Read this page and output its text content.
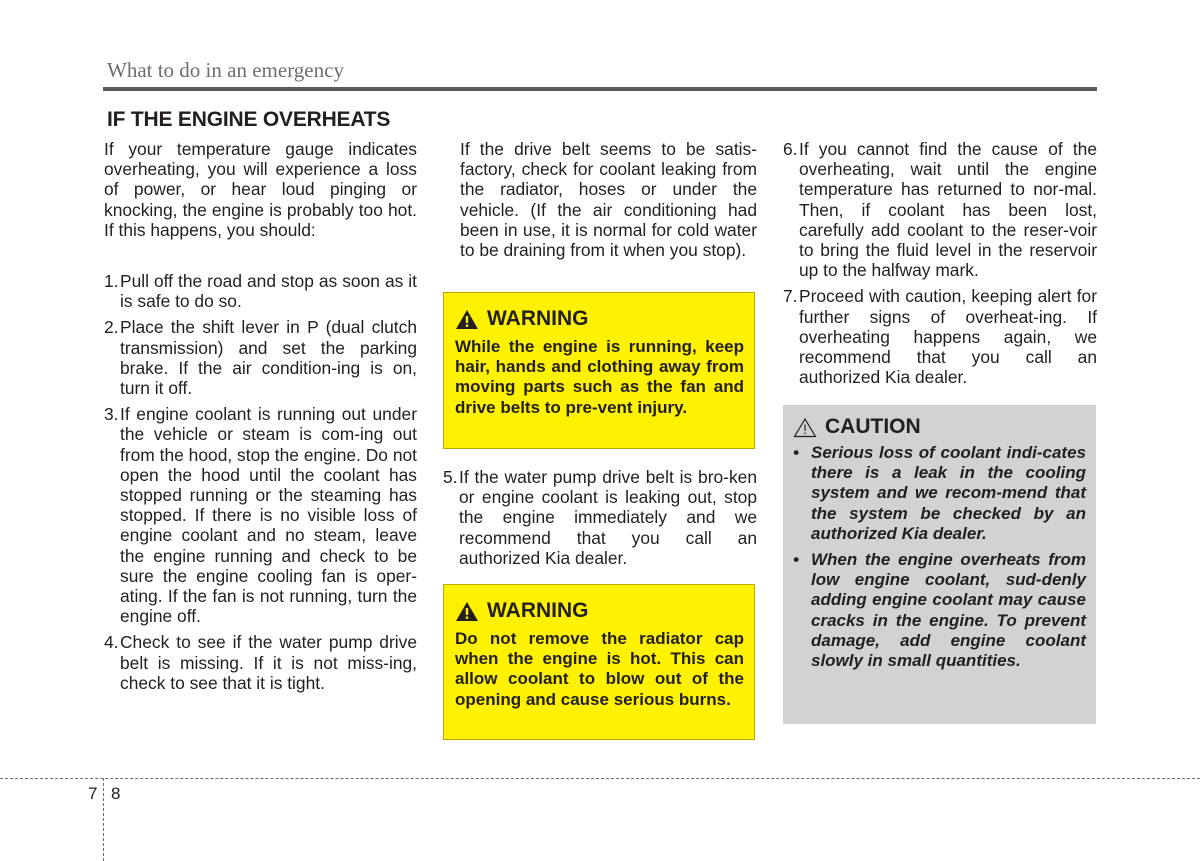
What to do in an emergency
IF THE ENGINE OVERHEATS

If your temperature gauge indicates overheating, you will experience a loss of power, or hear loud pinging or knocking, the engine is probably too hot. If this happens, you should:

1. Pull off the road and stop as soon as it is safe to do so.
2. Place the shift lever in P (dual clutch transmission) and set the parking brake. If the air condition-ing is on, turn it off.
3. If engine coolant is running out under the vehicle or steam is com-ing out from the hood, stop the engine. Do not open the hood until the coolant has stopped running or the steaming has stopped. If there is no visible loss of engine coolant and no steam, leave the engine running and check to be sure the engine cooling fan is oper-ating. If the fan is not running, turn the engine off.
4. Check to see if the water pump drive belt is missing. If it is not miss-ing, check to see that it is tight.

If the drive belt seems to be satis-factory, check for coolant leaking from the radiator, hoses or under the vehicle. (If the air conditioning had been in use, it is normal for cold water to be draining from it when you stop).

WARNING
While the engine is running, keep hair, hands and clothing away from moving parts such as the fan and drive belts to pre-vent injury.
5. If the water pump drive belt is bro-ken or engine coolant is leaking out, stop the engine immediately and we recommend that you call an authorized Kia dealer.
WARNING
Do not remove the radiator cap when the engine is hot. This can allow coolant to blow out of the opening and cause serious burns.
6. If you cannot find the cause of the overheating, wait until the engine temperature has returned to nor-mal. Then, if coolant has been lost, carefully add coolant to the reser-voir to bring the fluid level in the reservoir up to the halfway mark.
7. Proceed with caution, keeping alert for further signs of overheat-ing. If overheating happens again, we recommend that you call an authorized Kia dealer.
CAUTION
• Serious loss of coolant indi-cates there is a leak in the cooling system and we recom-mend that the system be checked by an authorized Kia dealer.
• When the engine overheats from low engine coolant, sud-denly adding engine coolant may cause cracks in the engine. To prevent damage, add engine coolant slowly in small quantities.
7 8
